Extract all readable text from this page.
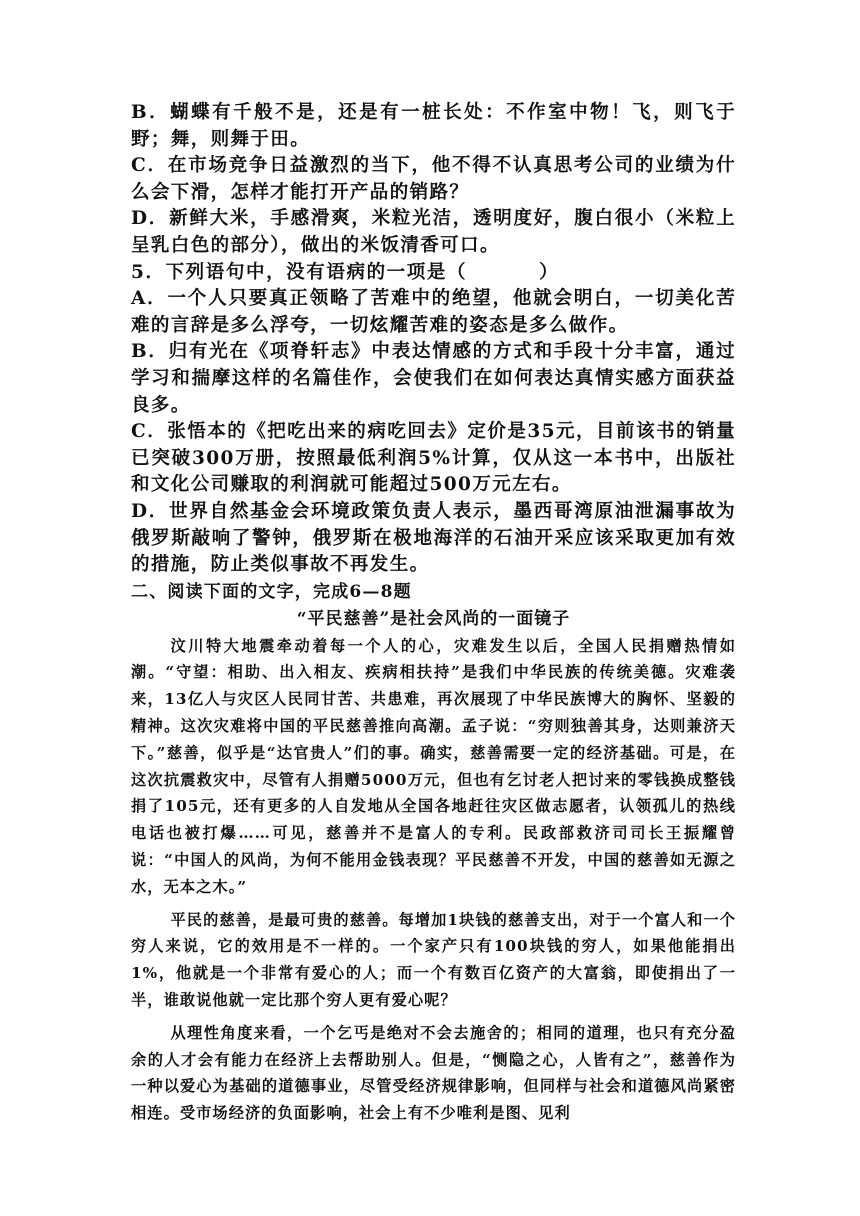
B．蝴蝶有千般不是，还是有一桩长处：不作室中物！飞，则飞于野；舞，则舞于田。

C．在市场竞争日益激烈的当下，他不得不认真思考公司的业绩为什么会下滑，怎样才能打开产品的销路？

D．新鲜大米，手感滑爽，米粒光洁，透明度好，腹白很小（米粒上呈乳白色的部分），做出的米饭清香可口。

5．下列语句中，没有语病的一项是（	）

A．一个人只要真正领略了苦难中的绝望，他就会明白，一切美化苦难的言辞是多么浮夸，一切炫耀苦难的姿态是多么做作。

B．归有光在《项脊轩志》中表达情感的方式和手段十分丰富，通过学习和揣摩这样的名篇佳作，会使我们在如何表达真情实感方面获益良多。

C．张悟本的《把吃出来的病吃回去》定价是35元，目前该书的销量已突破300万册，按照最低利润5%计算，仅从这一本书中，出版社和文化公司赚取的利润就可能超过500万元左右。

D．世界自然基金会环境政策负责人表示，墨西哥湾原油泄漏事故为俄罗斯敲响了警钟，俄罗斯在极地海洋的石油开采应该采取更加有效的措施，防止类似事故不再发生。

二、阅读下面的文字，完成6—8题
“平民慈善”是社会风尚的一面镜子

汶川特大地震牵动着每一个人的心，灾难发生以后，全国人民捐赠热情如潮。“守望：相助、出入相友、疾病相扶持”是我们中华民族的传统美德。灾难袭来，13亿人与灾区人民同甘苦、共患难，再次展现了中华民族博大的胸怀、坚毅的精神。这次灾难将中国的平民慈善推向高潮。孟子说：“穷则独善其身，达则兼济天下。”慈善，似乎是“达官贵人”们的事。确实，慈善需要一定的经济基础。可是，在这次抗震救灾中，尽管有人捐赠5000万元，但也有乞讨老人把讨来的零钱换成整钱捐了105元，还有更多的人自发地从全国各地赶往灾区做志愿者，认领孤儿的热线电话也被打爆……可见，慈善并不是富人的专利。民政部救济司司长王振耀曾说：“中国人的风尚，为何不能用金钱表现？平民慈善不开发，中国的慈善如无源之水，无本之木。”

平民的慈善，是最可贵的慈善。每增加1块钱的慈善支出，对于一个富人和一个穷人来说，它的效用是不一样的。一个家产只有100块钱的穷人，如果他能捐出1%，他就是一个非常有爱心的人；而一个有数百亿资产的大富翁，即使捐出了一半，谁敢说他就一定比那个穷人更有爱心呢？

从理性角度来看，一个乞丐是绝对不会去施舍的；相同的道理，也只有充分盈余的人才会有能力在经济上去帮助别人。但是，“恻隐之心，人皆有之”，慈善作为一种以爱心为基础的道德事业，尽管受经济规律影响，但同样与社会和道德风尚紧密相连。受市场经济的负面影响，社会上有不少唯利是图、见利
